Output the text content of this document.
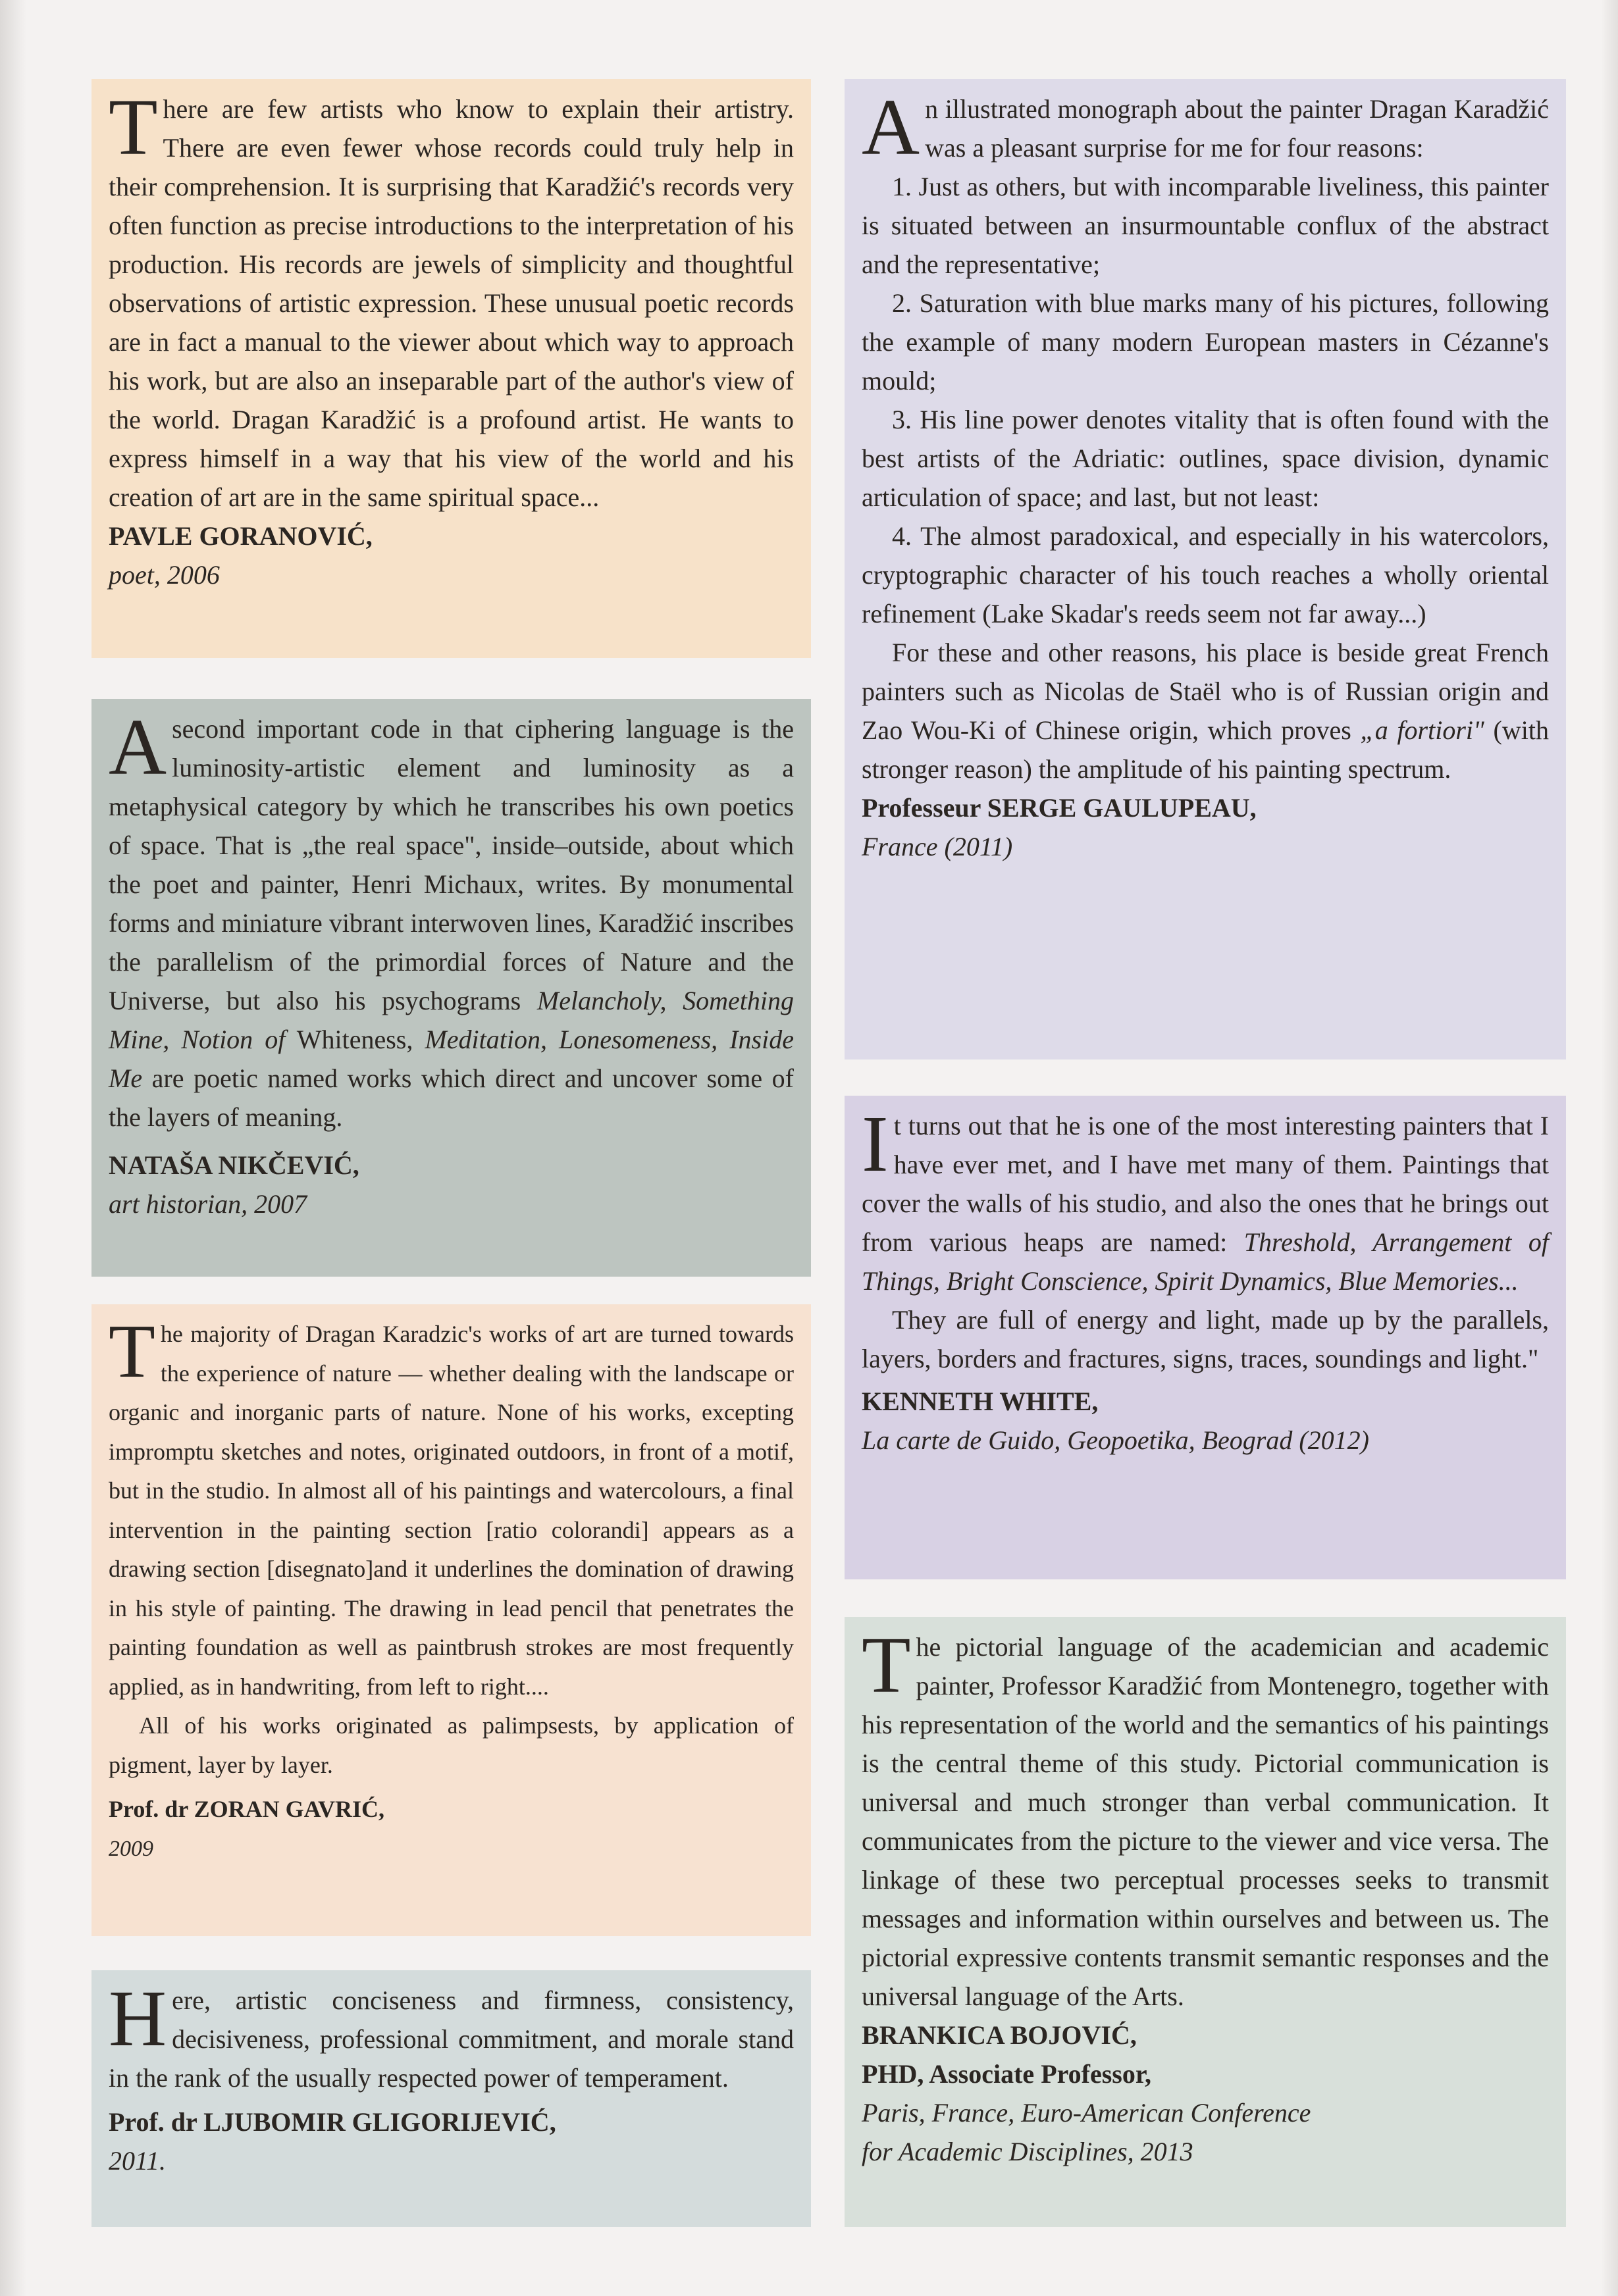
There are few artists who know to explain their artistry. There are even fewer whose records could truly help in their comprehension. It is surprising that Karadžić's records very often function as precise introductions to the interpretation of his production. His records are jewels of simplicity and thoughtful observations of artistic expression. These unusual poetic records are in fact a manual to the viewer about which way to approach his work, but are also an inseparable part of the author's view of the world. Dragan Karadžić is a profound artist. He wants to express himself in a way that his view of the world and his creation of art are in the same spiritual space...

PAVLE GORANOVIĆ,

poet, 2006

Asecond important code in that ciphering language is the luminosity-artistic element and luminosity as a metaphysical category by which he transcribes his own poetics of space. That is „the real space", inside–outside, about which the poet and painter, Henri Michaux, writes. By monumental forms and miniature vibrant interwoven lines, Karadžić inscribes the parallelism of the primordial forces of Nature and the Universe, but also his psychograms Melancholy, Something Mine, Notion of Whiteness, Meditation, Lonesomeness, Inside Me are poetic named works which direct and uncover some of the layers of meaning.

NATAŠA NIKČEVIĆ,

art historian, 2007

The majority of Dragan Karadzic's works of art are turned towards the experience of nature — whether dealing with the landscape or organic and inorganic parts of nature. None of his works, excepting impromptu sketches and notes, originated outdoors, in front of a motif, but in the studio. In almost all of his paintings and watercolours, a final intervention in the painting section [ratio colorandi] appears as a drawing section [disegnato]and it underlines the domination of drawing in his style of painting. The drawing in lead pencil that penetrates the painting foundation as well as paintbrush strokes are most frequently applied, as in handwriting, from left to right....

All of his works originated as palimpsests, by application of pigment, layer by layer.

Prof. dr ZORAN GAVRIĆ,

2009

Here, artistic conciseness and firmness, consistency, decisiveness, professional commitment, and morale stand in the rank of the usually respected power of temperament.

Prof. dr LJUBOMIR GLIGORIJEVIĆ,

2011.

An illustrated monograph about the painter Dragan Karadžić was a pleasant surprise for me for four reasons:

1. Just as others, but with incomparable liveliness, this painter is situated between an insurmountable conflux of the abstract and the representative;

2. Saturation with blue marks many of his pictures, following the example of many modern European masters in Cézanne's mould;

3. His line power denotes vitality that is often found with the best artists of the Adriatic: outlines, space division, dynamic articulation of space; and last, but not least:

4. The almost paradoxical, and especially in his watercolors, cryptographic character of his touch reaches a wholly oriental refinement (Lake Skadar's reeds seem not far away...)

For these and other reasons, his place is beside great French painters such as Nicolas de Staël who is of Russian origin and Zao Wou-Ki of Chinese origin, which proves „a fortiori" (with stronger reason) the amplitude of his painting spectrum.

Professeur SERGE GAULUPEAU,

France (2011)

It turns out that he is one of the most interesting painters that I have ever met, and I have met many of them. Paintings that cover the walls of his studio, and also the ones that he brings out from various heaps are named: Threshold, Arrangement of Things, Bright Conscience, Spirit Dynamics, Blue Memories...

They are full of energy and light, made up by the parallels, layers, borders and fractures, signs, traces, soundings and light."

KENNETH WHITE,

La carte de Guido, Geopoetika, Beograd (2012)

The pictorial language of the academician and academic painter, Professor Karadžić from Montenegro, together with his representation of the world and the semantics of his paintings is the central theme of this study. Pictorial communication is universal and much stronger than verbal communication. It communicates from the picture to the viewer and vice versa. The linkage of these two perceptual processes seeks to transmit messages and information within ourselves and between us. The pictorial expressive contents transmit semantic responses and the universal language of the Arts.

BRANKICA BOJOVIĆ,

PHD, Associate Professor,

Paris, France, Euro-American Conference

for Academic Disciplines, 2013
